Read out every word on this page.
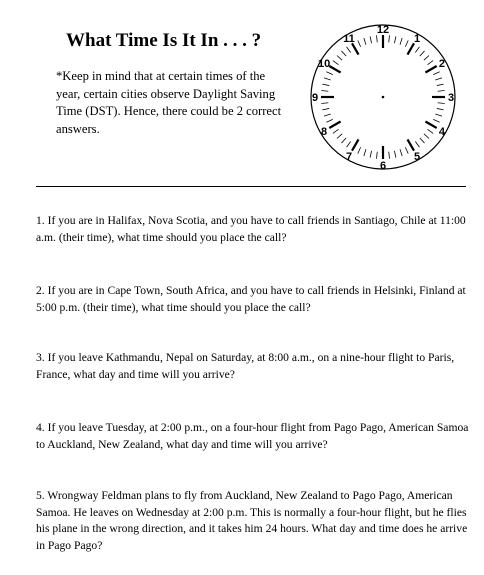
What Time Is It In . . . ?
*Keep in mind that at certain times of the year, certain cities observe Daylight Saving Time (DST). Hence, there could be 2 correct answers.
12
1
2
3
4
5
6
7
8
9
10
11
1. If you are in Halifax, Nova Scotia, and you have to call friends in Santiago, Chile at 11:00 a.m. (their time), what time should you place the call?
2. If you are in Cape Town, South Africa, and you have to call friends in Helsinki, Finland at 5:00 p.m. (their time), what time should you place the call?
3. If you leave Kathmandu, Nepal on Saturday, at 8:00 a.m., on a nine-hour flight to Paris, France, what day and time will you arrive?
4. If you leave Tuesday, at 2:00 p.m., on a four-hour flight from Pago Pago, American Samoa to Auckland, New Zealand, what day and time will you arrive?
5. Wrongway Feldman plans to fly from Auckland, New Zealand to Pago Pago, American Samoa. He leaves on Wednesday at 2:00 p.m. This is normally a four-hour flight, but he flies his plane in the wrong direction, and it takes him 24 hours. What day and time does he arrive in Pago Pago?
